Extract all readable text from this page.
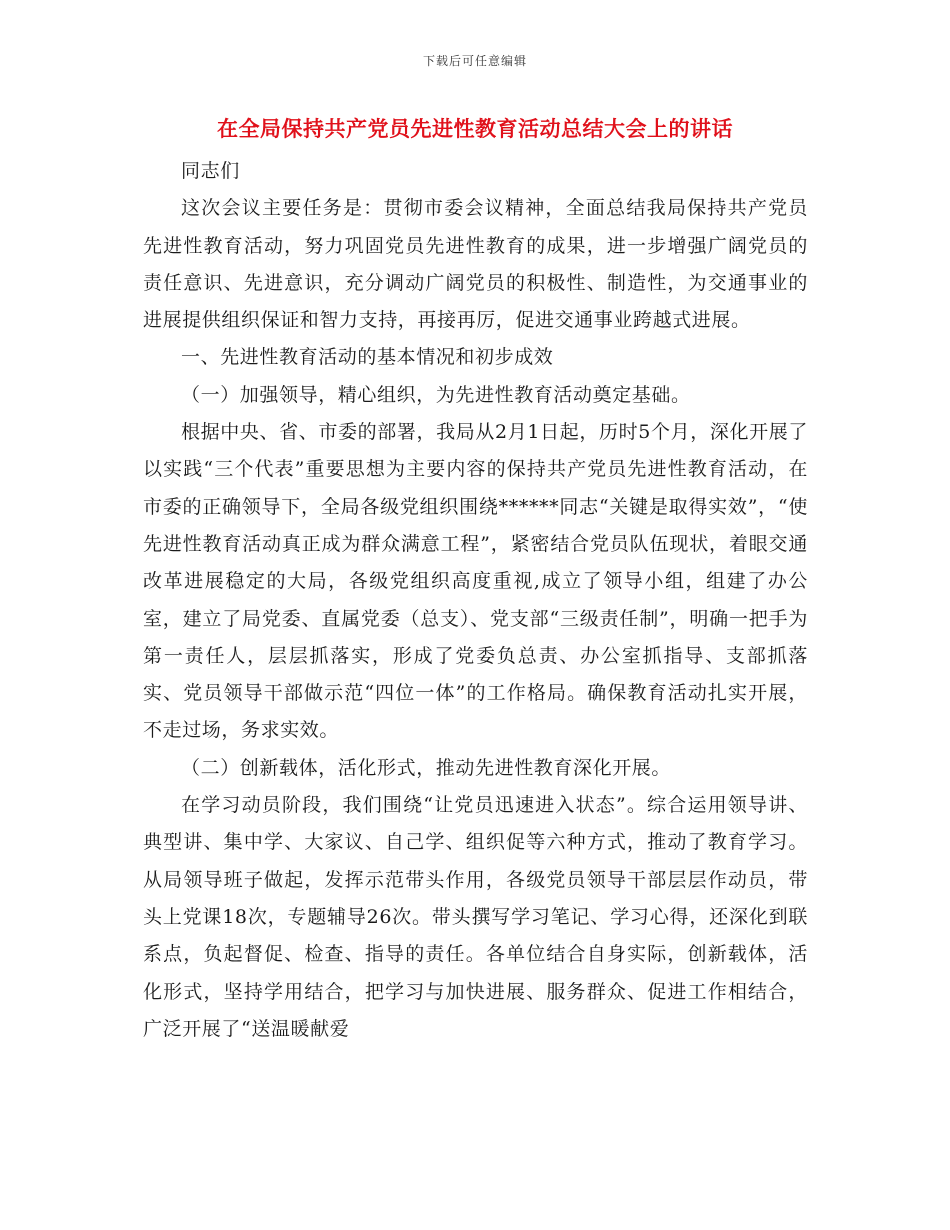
下载后可任意编辑
在全局保持共产党员先进性教育活动总结大会上的讲话

同志们

这次会议主要任务是：贯彻市委会议精神，全面总结我局保持共产党员先进性教育活动，努力巩固党员先进性教育的成果，进一步增强广阔党员的责任意识、先进意识，充分调动广阔党员的积极性、制造性，为交通事业的进展提供组织保证和智力支持，再接再厉，促进交通事业跨越式进展。

一、先进性教育活动的基本情况和初步成效

（一）加强领导，精心组织，为先进性教育活动奠定基础。

根据中央、省、市委的部署，我局从2月1日起，历时5个月，深化开展了以实践“三个代表”重要思想为主要内容的保持共产党员先进性教育活动，在市委的正确领导下，全局各级党组织围绕******同志“关键是取得实效”，“使先进性教育活动真正成为群众满意工程”，紧密结合党员队伍现状，着眼交通改革进展稳定的大局，各级党组织高度重视,成立了领导小组，组建了办公室，建立了局党委、直属党委（总支）、党支部“三级责任制”，明确一把手为第一责任人，层层抓落实，形成了党委负总责、办公室抓指导、支部抓落实、党员领导干部做示范“四位一体”的工作格局。确保教育活动扎实开展，不走过场，务求实效。

（二）创新载体，活化形式，推动先进性教育深化开展。

在学习动员阶段，我们围绕“让党员迅速进入状态”。综合运用领导讲、典型讲、集中学、大家议、自己学、组织促等六种方式，推动了教育学习。从局领导班子做起，发挥示范带头作用，各级党员领导干部层层作动员，带头上党课18次，专题辅导26次。带头撰写学习笔记、学习心得，还深化到联系点，负起督促、检查、指导的责任。各单位结合自身实际，创新载体，活化形式，坚持学用结合，把学习与加快进展、服务群众、促进工作相结合，广泛开展了“送温暖献爱
